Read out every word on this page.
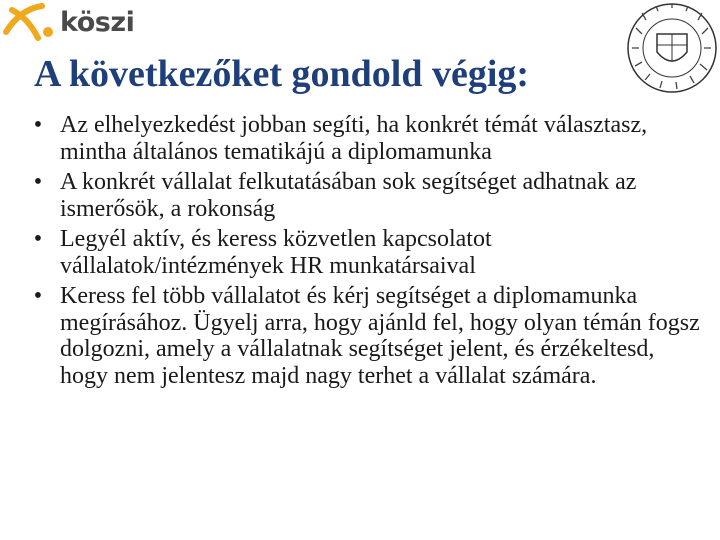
köszi
A következőket gondold végig:
• Az elhelyezkedést jobban segíti, ha konkrét témát választasz, mintha általános tematikájú a diplomamunka
• A konkrét vállalat felkutatásában sok segítséget adhatnak az ismerősök, a rokonság
• Legyél aktív, és keress közvetlen kapcsolatot vállalatok/intézmények HR munkatársaival
• Keress fel több vállalatot és kérj segítséget a diplomamunka megírásához. Ügyelj arra, hogy ajánld fel, hogy olyan témán fogsz dolgozni, amely a vállalatnak segítséget jelent, és érzékeltesd, hogy nem jelentesz majd nagy terhet a vállalat számára.
